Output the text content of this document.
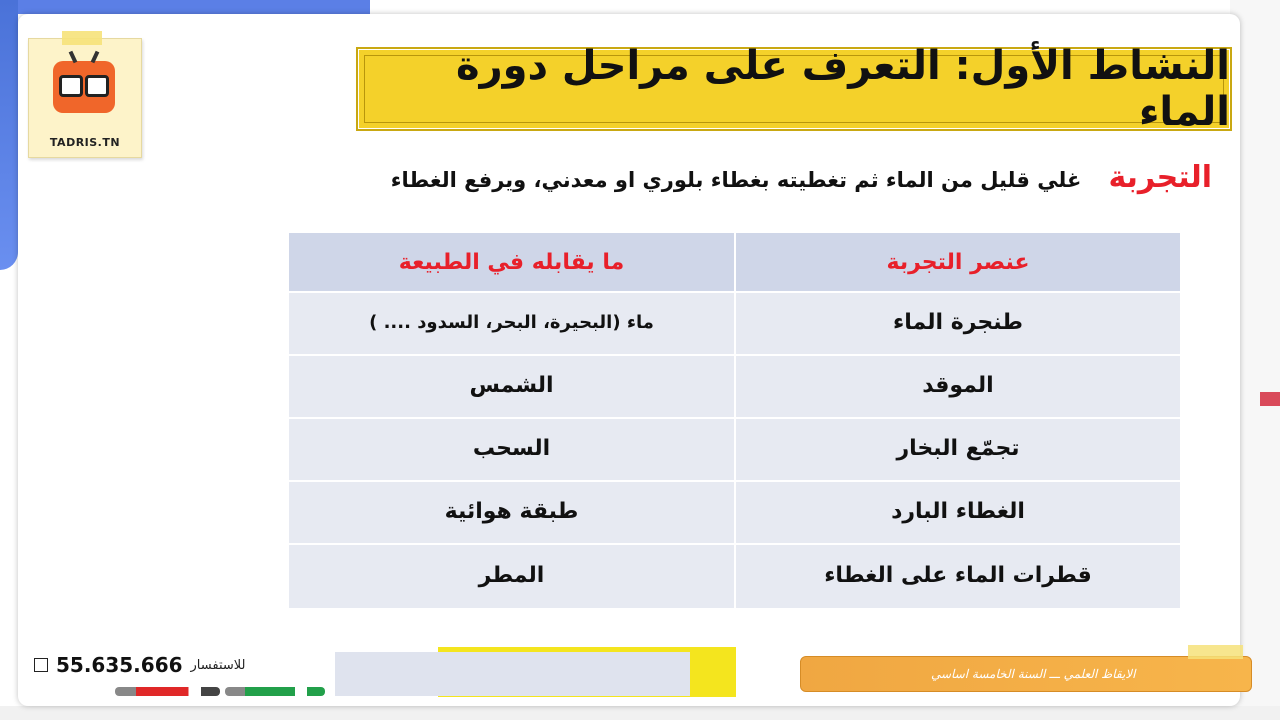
TADRIS.TN
النشاط الأول: التعرف على مراحل دورة الماء
التجربة غلي قليل من الماء ثم تغطيته بغطاء بلوري او معدني، ويرفع الغطاء
عنصر التجربة
ما يقابله في الطبيعة
طنجرة الماء
ماء (البحيرة، البحر، السدود .... )
الموقد
الشمس
تجمّع البخار
السحب
الغطاء البارد
طبقة هوائية
قطرات الماء على الغطاء
المطر
55.635.666 للاستفسار
الايقاظ العلمي ـــ السنة الخامسة اساسي
